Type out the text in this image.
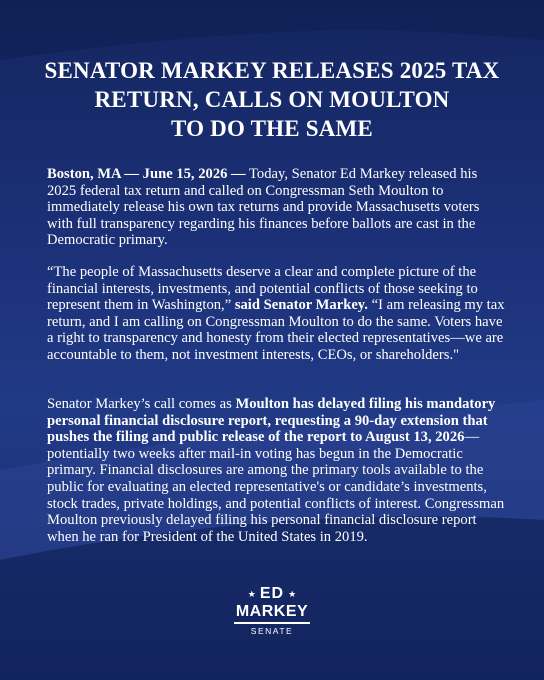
SENATOR MARKEY RELEASES 2025 TAX
RETURN, CALLS ON MOULTON
TO DO THE SAME

Boston, MA — June 15, 2026 — Today, Senator Ed Markey released his 2025 federal tax return and called on Congressman Seth Moulton to immediately release his own tax returns and provide Massachusetts voters with full transparency regarding his finances before ballots are cast in the Democratic primary.

“The people of Massachusetts deserve a clear and complete picture of the financial interests, investments, and potential conflicts of those seeking to represent them in Washington,” said Senator Markey. “I am releasing my tax return, and I am calling on Congressman Moulton to do the same. Voters have a right to transparency and honesty from their elected representatives—we are accountable to them, not investment interests, CEOs, or shareholders."

Senator Markey’s call comes as Moulton has delayed filing his mandatory personal financial disclosure report, requesting a 90-day extension that pushes the filing and public release of the report to August 13, 2026—potentially two weeks after mail-in voting has begun in the Democratic primary. Financial disclosures are among the primary tools available to the public for evaluating an elected representative's or candidate’s investments, stock trades, private holdings, and potential conflicts of interest. Congressman Moulton previously delayed filing his personal financial disclosure report when he ran for President of the United States in 2019.

★ ED ★
MARKEY
SENATE
